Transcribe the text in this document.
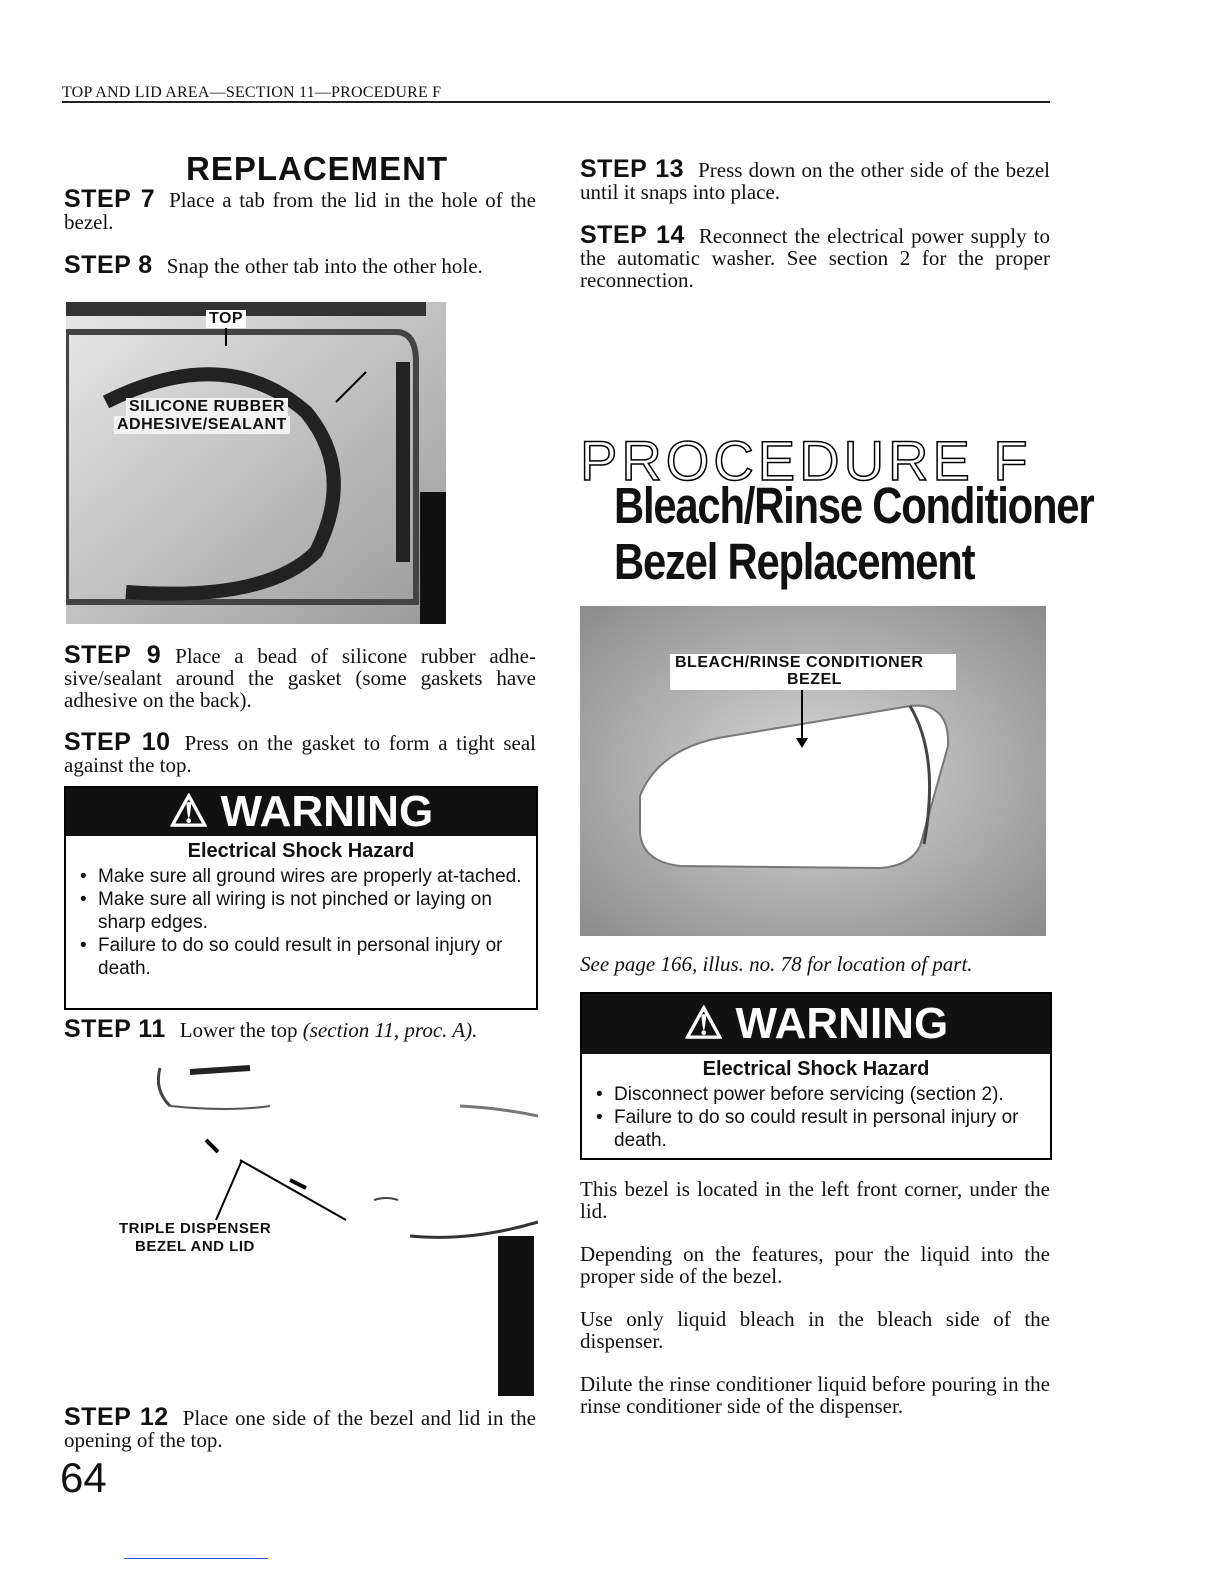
TOP AND LID AREA—SECTION 11—PROCEDURE F
REPLACEMENT
STEP 7 Place a tab from the lid in the hole of the bezel.
STEP 8 Snap the other tab into the other hole.
TOP
SILICONE RUBBER
ADHESIVE/SEALANT
STEP 9 Place a bead of silicone rubber adhe-sive/sealant around the gasket (some gaskets have adhesive on the back).
STEP 10 Press on the gasket to form a tight seal against the top.
⚠ WARNING
Electrical Shock Hazard
• Make sure all ground wires are properly at-tached.
• Make sure all wiring is not pinched or laying on sharp edges.
• Failure to do so could result in personal injury or death.
STEP 11 Lower the top (section 11, proc. A).
TRIPLE DISPENSER
BEZEL AND LID
STEP 12 Place one side of the bezel and lid in the opening of the top.
64
STEP 13 Press down on the other side of the bezel until it snaps into place.
STEP 14 Reconnect the electrical power supply to the automatic washer. See section 2 for the proper reconnection.
PROCEDURE F
Bleach/Rinse Conditioner
Bezel Replacement
BLEACH/RINSE CONDITIONER
BEZEL
See page 166, illus. no. 78 for location of part.
⚠ WARNING
Electrical Shock Hazard
• Disconnect power before servicing (section 2).
• Failure to do so could result in personal injury or death.
This bezel is located in the left front corner, under the lid.
Depending on the features, pour the liquid into the proper side of the bezel.
Use only liquid bleach in the bleach side of the dispenser.
Dilute the rinse conditioner liquid before pouring in the rinse conditioner side of the dispenser.
